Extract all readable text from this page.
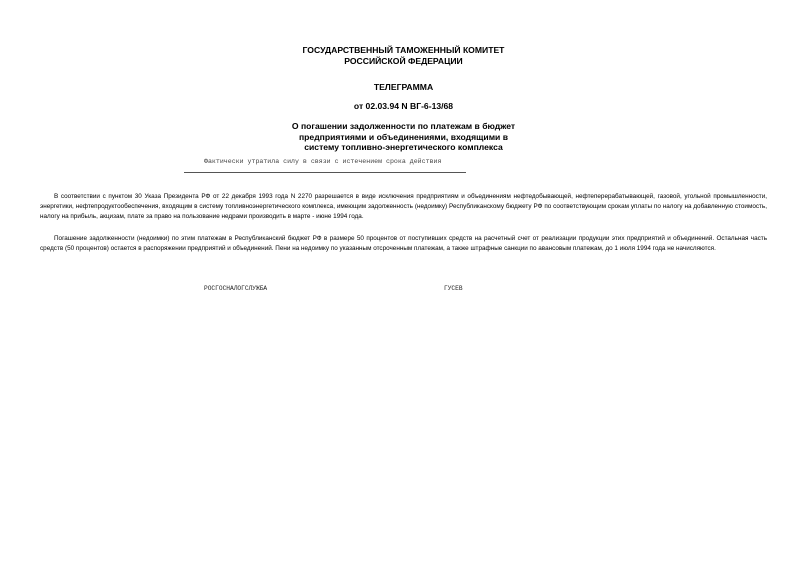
ГОСУДАРСТВЕННЫЙ ТАМОЖЕННЫЙ КОМИТЕТ
РОССИЙСКОЙ ФЕДЕРАЦИИ
ТЕЛЕГРАММА
от 02.03.94 N ВГ-6-13/68
О погашении задолженности по платежам в бюджет
предприятиями и объединениями, входящими в
систему топливно-энергетического комплекса
Фактически утратила силу в связи с истечением срока действия

В соответствии с пунктом 30 Указа Президента РФ от 22 декабря 1993 года N 2270 разрешается в виде исключения предприятиям и объединениям нефтедобывающей, нефтеперерабатывающей, газовой, угольной промышленности, энергетики, нефтепродуктообеспечения, входящим в систему топливноэнергетического комплекса, имеющим задолженность (недоимку) Республиканскому бюджету РФ по соответствующим срокам уплаты по налогу на добавленную стоимость, налогу на прибыль, акцизам, плате за право на пользование недрами производить в марте - июне 1994 года.

Погашение задолженности (недоимки) по этим платежам в Республиканский бюджет РФ в размере 50 процентов от поступивших средств на расчетный счет от реализации продукции этих предприятий и объединений. Остальная часть средств (50 процентов) остается в распоряжении предприятий и объединений. Пени на недоимку по указанным отсроченным платежам, а также штрафные санкции по авансовым платежам, до 1 июля 1994 года не начисляются.

РОСГОСНАЛОГСЛУЖБА	ГУСЕВ
